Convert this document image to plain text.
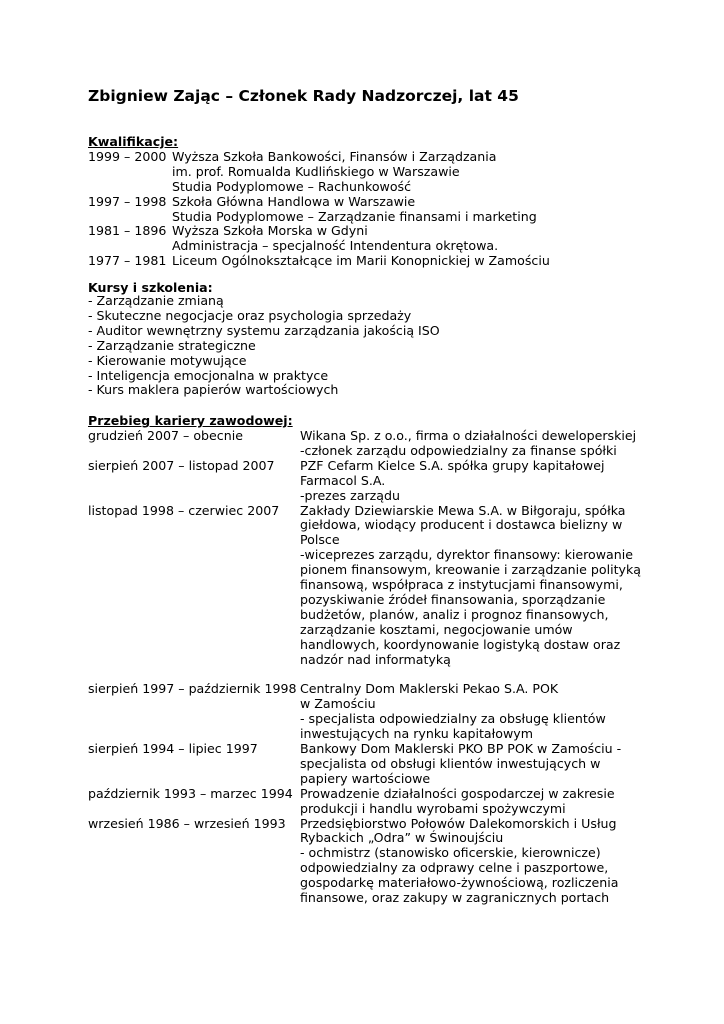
Zbigniew Zając – Członek Rady Nadzorczej, lat 45
Kwalifikacje:
1999 – 2000 Wyższa Szkoła Bankowości, Finansów i Zarządzania
im. prof. Romualda Kudlińskiego w Warszawie
Studia Podyplomowe – Rachunkowość
1997 – 1998 Szkoła Główna Handlowa w Warszawie
Studia Podyplomowe – Zarządzanie finansami i marketing
1981 – 1896 Wyższa Szkoła Morska w Gdyni
Administracja – specjalność Intendentura okrętowa.
1977 – 1981 Liceum Ogólnokształcące im Marii Konopnickiej w Zamościu
Kursy i szkolenia:
- Zarządzanie zmianą
- Skuteczne negocjacje oraz psychologia sprzedaży
- Auditor wewnętrzny systemu zarządzania jakością ISO
- Zarządzanie strategiczne
- Kierowanie motywujące
- Inteligencja emocjonalna w praktyce
- Kurs maklera papierów wartościowych
Przebieg kariery zawodowej:
grudzień 2007 – obecnie	Wikana Sp. z o.o., firma o działalności deweloperskiej
-członek zarządu odpowiedzialny za finanse spółki
sierpień 2007 – listopad 2007 PZF Cefarm Kielce S.A. spółka grupy kapitałowej
Farmacol S.A.
-prezes zarządu
listopad 1998 – czerwiec 2007 Zakłady Dziewiarskie Mewa S.A. w Biłgoraju, spółka
giełdowa, wiodący producent i dostawca bielizny w
Polsce
-wiceprezes zarządu, dyrektor finansowy: kierowanie
pionem finansowym, kreowanie i zarządzanie polityką
finansową, współpraca z instytucjami finansowymi,
pozyskiwanie źródeł finansowania, sporządzanie
budżetów, planów, analiz i prognoz finansowych,
zarządzanie kosztami, negocjowanie umów
handlowych, koordynowanie logistyką dostaw oraz
nadzór nad informatyką
sierpień 1997 – październik 1998 Centralny Dom Maklerski Pekao S.A. POK
w Zamościu
- specjalista odpowiedzialny za obsługę klientów
inwestujących na rynku kapitałowym
sierpień 1994 – lipiec 1997	Bankowy Dom Maklerski PKO BP POK w Zamościu -
specjalista od obsługi klientów inwestujących w
papiery wartościowe
październik 1993 – marzec 1994 Prowadzenie działalności gospodarczej w zakresie
produkcji i handlu wyrobami spożywczymi
wrzesień 1986 – wrzesień 1993 Przedsiębiorstwo Połowów Dalekomorskich i Usług
Rybackich „Odra” w Świnoujściu
- ochmistrz (stanowisko oficerskie, kierownicze)
odpowiedzialny za odprawy celne i paszportowe,
gospodarkę materiałowo-żywnościową, rozliczenia
finansowe, oraz zakupy w zagranicznych portach
